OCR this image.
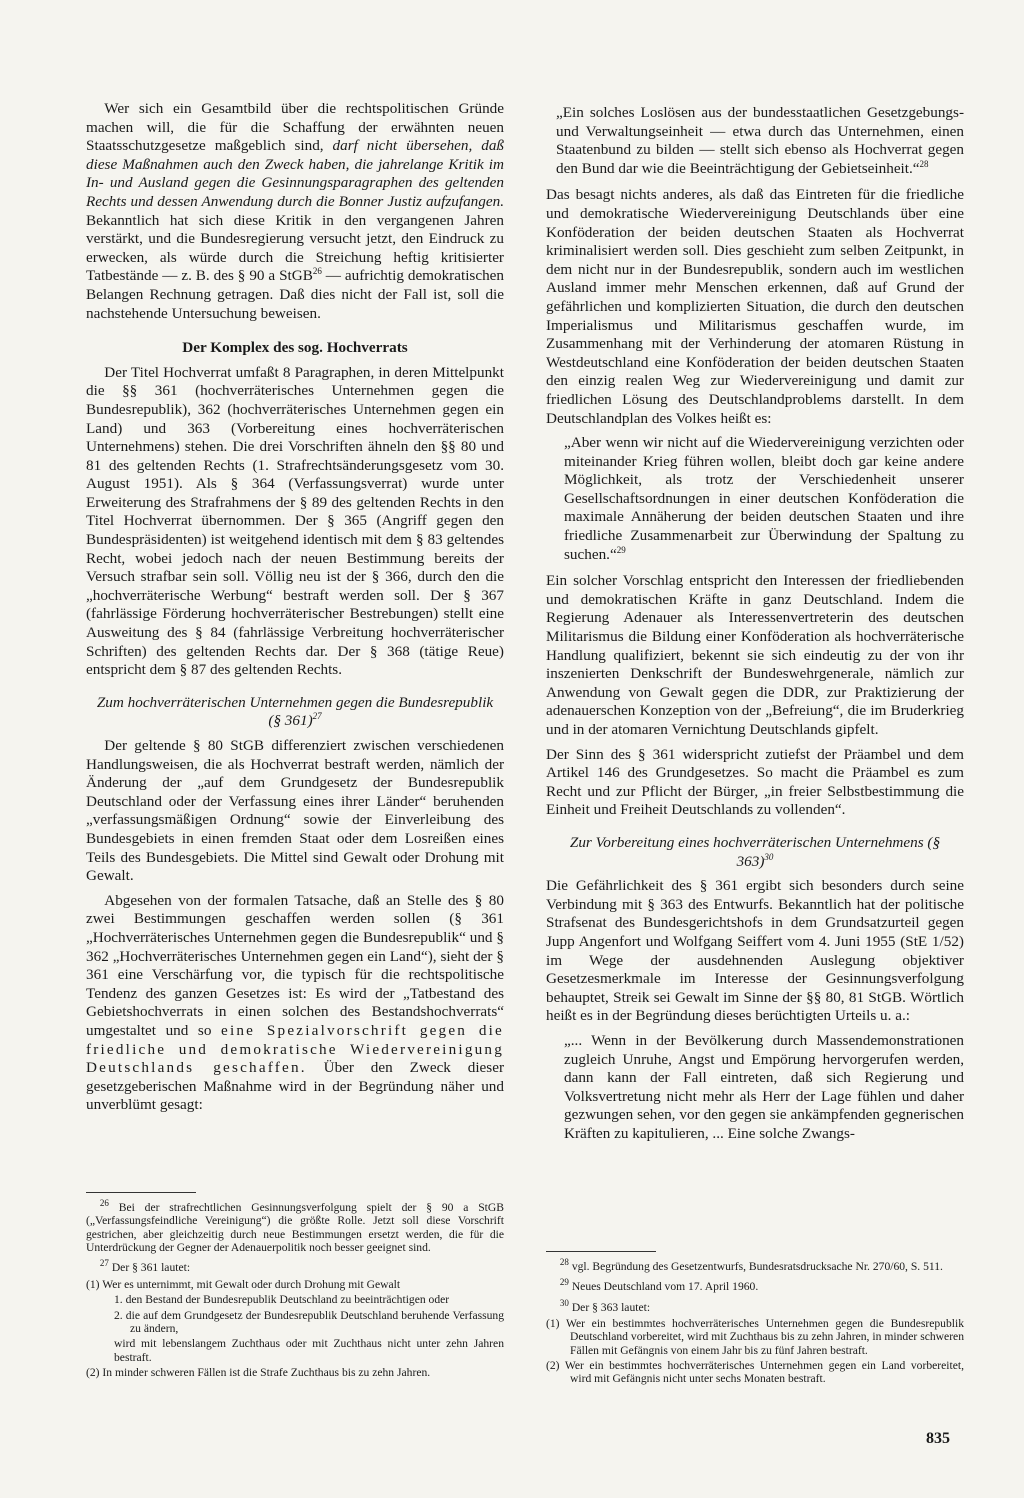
Wer sich ein Gesamtbild über die rechtspolitischen Gründe machen will, die für die Schaffung der erwähnten neuen Staatsschutzgesetze maßgeblich sind, darf nicht übersehen, daß diese Maßnahmen auch den Zweck haben, die jahrelange Kritik im In- und Ausland gegen die Gesinnungsparagraphen des geltenden Rechts und dessen Anwendung durch die Bonner Justiz aufzufangen. Bekanntlich hat sich diese Kritik in den vergangenen Jahren verstärkt, und die Bundesregierung versucht jetzt, den Eindruck zu erwecken, als würde durch die Streichung heftig kritisierter Tatbestände — z. B. des § 90 a StGB$^{26}$ — aufrichtig demokratischen Belangen Rechnung getragen. Daß dies nicht der Fall ist, soll die nachstehende Untersuchung beweisen.

Der Komplex des sog. Hochverrats

Der Titel Hochverrat umfaßt 8 Paragraphen, in deren Mittelpunkt die §§ 361 (hochverräterisches Unternehmen gegen die Bundesrepublik), 362 (hochverräterisches Unternehmen gegen ein Land) und 363 (Vorbereitung eines hochverräterischen Unternehmens) stehen. Die drei Vorschriften ähneln den §§ 80 und 81 des geltenden Rechts (1. Strafrechtsänderungsgesetz vom 30. August 1951). Als § 364 (Verfassungsverrat) wurde unter Erweiterung des Strafrahmens der § 89 des geltenden Rechts in den Titel Hochverrat übernommen. Der § 365 (Angriff gegen den Bundespräsidenten) ist weitgehend identisch mit dem § 83 geltendes Recht, wobei jedoch nach der neuen Bestimmung bereits der Versuch strafbar sein soll. Völlig neu ist der § 366, durch den die „hochverräterische Werbung“ bestraft werden soll. Der § 367 (fahrlässige Förderung hochverräterischer Bestrebungen) stellt eine Ausweitung des § 84 (fahrlässige Verbreitung hochverräterischer Schriften) des geltenden Rechts dar. Der § 368 (tätige Reue) entspricht dem § 87 des geltenden Rechts.

Zum hochverräterischen Unternehmen gegen die Bundesrepublik (§ 361)$^{27}$

Der geltende § 80 StGB differenziert zwischen verschiedenen Handlungsweisen, die als Hochverrat bestraft werden, nämlich der Änderung der „auf dem Grundgesetz der Bundesrepublik Deutschland oder der Verfassung eines ihrer Länder“ beruhenden „verfassungsmäßigen Ordnung“ sowie der Einverleibung des Bundesgebiets in einen fremden Staat oder dem Losreißen eines Teils des Bundesgebiets. Die Mittel sind Gewalt oder Drohung mit Gewalt.

Abgesehen von der formalen Tatsache, daß an Stelle des § 80 zwei Bestimmungen geschaffen werden sollen (§ 361 „Hochverräterisches Unternehmen gegen die Bundesrepublik“ und § 362 „Hochverräterisches Unternehmen gegen ein Land“), sieht der § 361 eine Verschärfung vor, die typisch für die rechtspolitische Tendenz des ganzen Gesetzes ist: Es wird der „Tatbestand des Gebietshochverrats in einen solchen des Bestandshochverrats“ umgestaltet und so eine Spezialvorschrift gegen die friedliche und demokratische Wiedervereinigung Deutschlands geschaffen. Über den Zweck dieser gesetzgeberischen Maßnahme wird in der Begründung näher und unverblümt gesagt:

„Ein solches Loslösen aus der bundesstaatlichen Gesetzgebungs- und Verwaltungseinheit — etwa durch das Unternehmen, einen Staatenbund zu bilden — stellt sich ebenso als Hochverrat gegen den Bund dar wie die Beeinträchtigung der Gebietseinheit.“$^{28}$

Das besagt nichts anderes, als daß das Eintreten für die friedliche und demokratische Wiedervereinigung Deutschlands über eine Konföderation der beiden deutschen Staaten als Hochverrat kriminalisiert werden soll. Dies geschieht zum selben Zeitpunkt, in dem nicht nur in der Bundesrepublik, sondern auch im westlichen Ausland immer mehr Menschen erkennen, daß auf Grund der gefährlichen und komplizierten Situation, die durch den deutschen Imperialismus und Militarismus geschaffen wurde, im Zusammenhang mit der Verhinderung der atomaren Rüstung in Westdeutschland eine Konföderation der beiden deutschen Staaten den einzig realen Weg zur Wiedervereinigung und damit zur friedlichen Lösung des Deutschlandproblems darstellt. In dem Deutschlandplan des Volkes heißt es:

„Aber wenn wir nicht auf die Wiedervereinigung verzichten oder miteinander Krieg führen wollen, bleibt doch gar keine andere Möglichkeit, als trotz der Verschiedenheit unserer Gesellschaftsordnungen in einer deutschen Konföderation die maximale Annäherung der beiden deutschen Staaten und ihre friedliche Zusammenarbeit zur Überwindung der Spaltung zu suchen.“$^{29}$

Ein solcher Vorschlag entspricht den Interessen der friedliebenden und demokratischen Kräfte in ganz Deutschland. Indem die Regierung Adenauer als Interessenvertreterin des deutschen Militarismus die Bildung einer Konföderation als hochverräterische Handlung qualifiziert, bekennt sie sich eindeutig zu der von ihr inszenierten Denkschrift der Bundeswehrgenerale, nämlich zur Anwendung von Gewalt gegen die DDR, zur Praktizierung der adenauerschen Konzeption von der „Befreiung“, die im Bruderkrieg und in der atomaren Vernichtung Deutschlands gipfelt.

Der Sinn des § 361 widerspricht zutiefst der Präambel und dem Artikel 146 des Grundgesetzes. So macht die Präambel es zum Recht und zur Pflicht der Bürger, „in freier Selbstbestimmung die Einheit und Freiheit Deutschlands zu vollenden“.

Zur Vorbereitung eines hochverräterischen Unternehmens (§ 363)$^{30}$

Die Gefährlichkeit des § 361 ergibt sich besonders durch seine Verbindung mit § 363 des Entwurfs. Bekanntlich hat der politische Strafsenat des Bundesgerichtshofs in dem Grundsatzurteil gegen Jupp Angenfort und Wolfgang Seiffert vom 4. Juni 1955 (StE 1/52) im Wege der ausdehnenden Auslegung objektiver Gesetzesmerkmale im Interesse der Gesinnungsverfolgung behauptet, Streik sei Gewalt im Sinne der §§ 80, 81 StGB. Wörtlich heißt es in der Begründung dieses berüchtigten Urteils u. a.:

„... Wenn in der Bevölkerung durch Massendemonstrationen zugleich Unruhe, Angst und Empörung hervorgerufen werden, dann kann der Fall eintreten, daß sich Regierung und Volksvertretung nicht mehr als Herr der Lage fühlen und daher gezwungen sehen, vor den gegen sie ankämpfenden gegnerischen Kräften zu kapitulieren, ... Eine solche Zwangs-

$^{26}$ Bei der strafrechtlichen Gesinnungsverfolgung spielt der § 90 a StGB („Verfassungsfeindliche Vereinigung“) die größte Rolle. Jetzt soll diese Vorschrift gestrichen, aber gleichzeitig durch neue Bestimmungen ersetzt werden, die für die Unterdrückung der Gegner der Adenauerpolitik noch besser geeignet sind.

$^{27}$ Der § 361 lautet:

(1) Wer es unternimmt, mit Gewalt oder durch Drohung mit Gewalt

1. den Bestand der Bundesrepublik Deutschland zu beeinträchtigen oder

2. die auf dem Grundgesetz der Bundesrepublik Deutschland beruhende Verfassung zu ändern,

wird mit lebenslangem Zuchthaus oder mit Zuchthaus nicht unter zehn Jahren bestraft.

(2) In minder schweren Fällen ist die Strafe Zuchthaus bis zu zehn Jahren.

$^{28}$ vgl. Begründung des Gesetzentwurfs, Bundesratsdrucksache Nr. 270/60, S. 511.

$^{29}$ Neues Deutschland vom 17. April 1960.

$^{30}$ Der § 363 lautet:

(1) Wer ein bestimmtes hochverräterisches Unternehmen gegen die Bundesrepublik Deutschland vorbereitet, wird mit Zuchthaus bis zu zehn Jahren, in minder schweren Fällen mit Gefängnis von einem Jahr bis zu fünf Jahren bestraft.

(2) Wer ein bestimmtes hochverräterisches Unternehmen gegen ein Land vorbereitet, wird mit Gefängnis nicht unter sechs Monaten bestraft.

835
